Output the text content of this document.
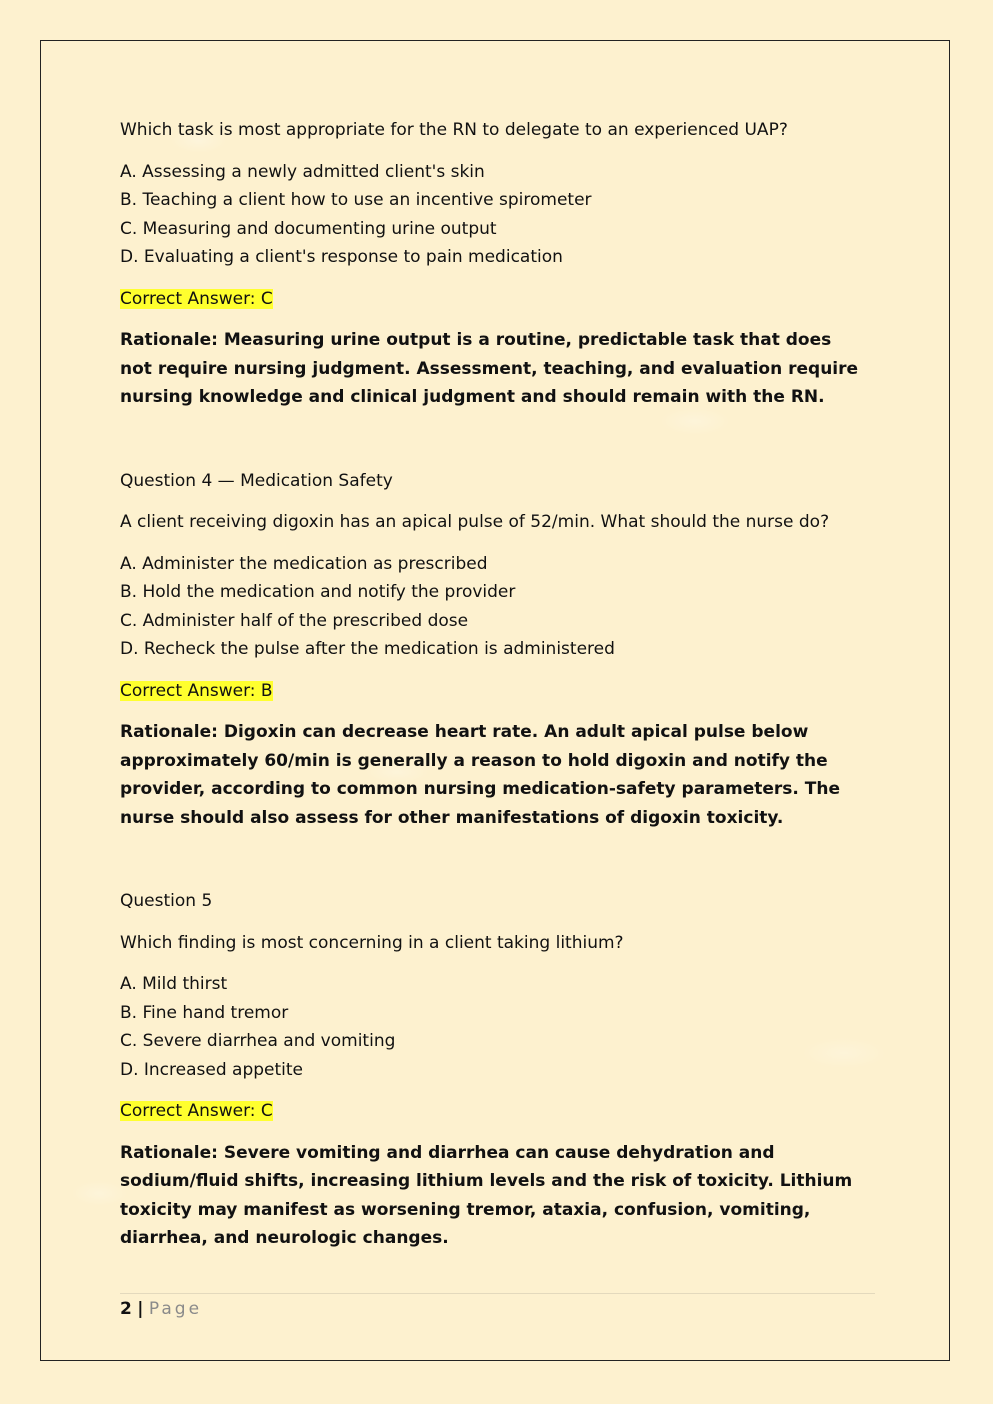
Which task is most appropriate for the RN to delegate to an experienced UAP?

A. Assessing a newly admitted client's skin
B. Teaching a client how to use an incentive spirometer
C. Measuring and documenting urine output
D. Evaluating a client's response to pain medication

Correct Answer: C

Rationale: Measuring urine output is a routine, predictable task that does not require nursing judgment. Assessment, teaching, and evaluation require nursing knowledge and clinical judgment and should remain with the RN.

Question 4 — Medication Safety

A client receiving digoxin has an apical pulse of 52/min. What should the nurse do?

A. Administer the medication as prescribed
B. Hold the medication and notify the provider
C. Administer half of the prescribed dose
D. Recheck the pulse after the medication is administered

Correct Answer: B

Rationale: Digoxin can decrease heart rate. An adult apical pulse below approximately 60/min is generally a reason to hold digoxin and notify the provider, according to common nursing medication-safety parameters. The nurse should also assess for other manifestations of digoxin toxicity.

Question 5

Which finding is most concerning in a client taking lithium?

A. Mild thirst
B. Fine hand tremor
C. Severe diarrhea and vomiting
D. Increased appetite

Correct Answer: C

Rationale: Severe vomiting and diarrhea can cause dehydration and sodium/fluid shifts, increasing lithium levels and the risk of toxicity. Lithium toxicity may manifest as worsening tremor, ataxia, confusion, vomiting, diarrhea, and neurologic changes.

2 | Page
